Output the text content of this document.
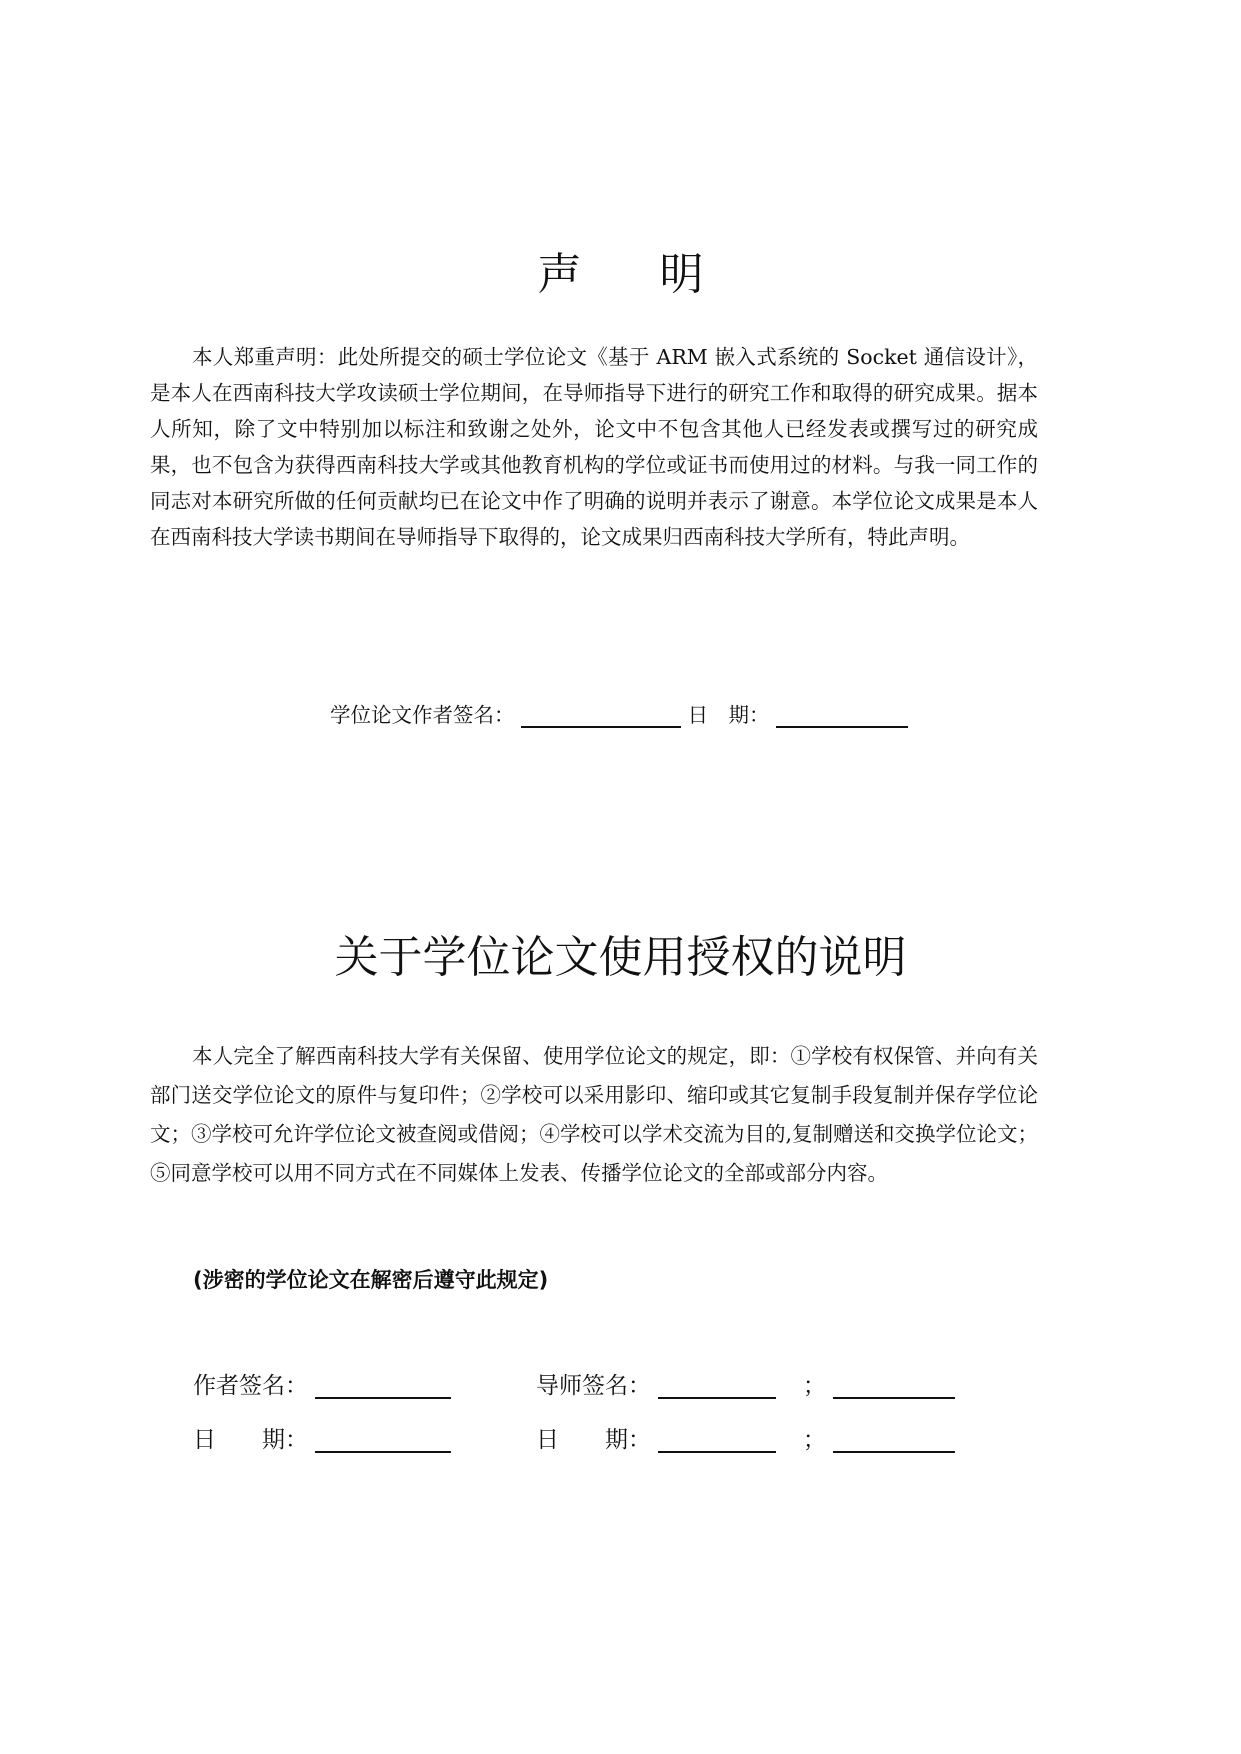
声 明

本人郑重声明：此处所提交的硕士学位论文《基于 ARM 嵌入式系统的 Socket 通信设计》，是本人在西南科技大学攻读硕士学位期间，在导师指导下进行的研究工作和取得的研究成果。据本人所知，除了文中特别加以标注和致谢之处外，论文中不包含其他人已经发表或撰写过的研究成果，也不包含为获得西南科技大学或其他教育机构的学位或证书而使用过的材料。与我一同工作的同志对本研究所做的任何贡献均已在论文中作了明确的说明并表示了谢意。本学位论文成果是本人在西南科技大学读书期间在导师指导下取得的，论文成果归西南科技大学所有，特此声明。

学位论文作者签名：	日　期：
关于学位论文使用授权的说明

本人完全了解西南科技大学有关保留、使用学位论文的规定，即：①学校有权保管、并向有关部门送交学位论文的原件与复印件；②学校可以采用影印、缩印或其它复制手段复制并保存学位论文；③学校可允许学位论文被查阅或借阅；④学校可以学术交流为目的,复制赠送和交换学位论文；⑤同意学校可以用不同方式在不同媒体上发表、传播学位论文的全部或部分内容。

(涉密的学位论文在解密后遵守此规定)
作者签名：	导师签名：	；
日　　期：	日　　期：	；
